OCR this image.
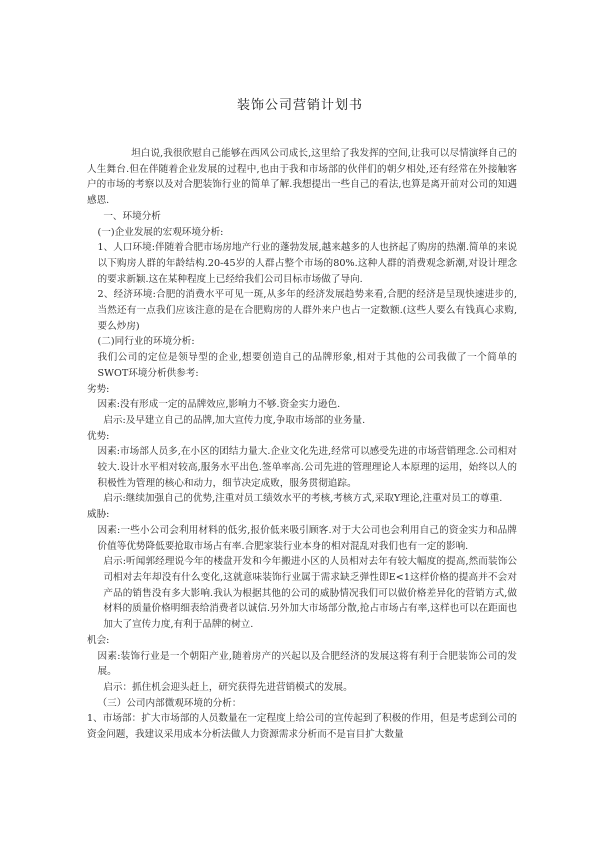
装饰公司营销计划书

坦白说,我很欣慰自己能够在西风公司成长,这里给了我发挥的空间,让我可以尽情演绎自己的人生舞台.但在伴随着企业发展的过程中,也由于我和市场部的伙伴们的朝夕相处,还有经常在外接触客户的市场的考察以及对合肥装饰行业的简单了解.我想提出一些自己的看法,也算是离开前对公司的知遇感恩.

一、环境分析

(一)企业发展的宏观环境分析:

1、人口环境:伴随着合肥市场房地产行业的蓬勃发展,越来越多的人也挤起了购房的热潮.简单的来说以下购房人群的年龄结构.20-45岁的人群占整个市场的80%.这种人群的消费观念新潮,对设计理念的要求新颖.这在某种程度上已经给我们公司目标市场做了导向.

2、经济环境:合肥的消费水平可见一斑,从多年的经济发展趋势来看,合肥的经济是呈现快速进步的,当然还有一点我们应该注意的是在合肥购房的人群外来户也占一定数额.(这些人要么有钱真心求购,要么炒房)

(二)同行业的环境分析:

我们公司的定位是领导型的企业,想要创造自己的品牌形象,相对于其他的公司我做了一个简单的SWOT环境分析供参考:

劣势:

因素:没有形成一定的品牌效应,影响力不够.资金实力逊色.

启示:及早建立自己的品牌,加大宣传力度,争取市场部的业务量.

优势:

因素:市场部人员多,在小区的团结力量大.企业文化先进,经常可以感受先进的市场营销理念.公司相对较大.设计水平相对较高,服务水平出色.签单率高.公司先进的管理理论人本原理的运用，始终以人的积极性为管理的核心和动力，细节决定成败，服务贯彻追踪。

启示:继续加强自己的优势,注重对员工绩效水平的考核,考核方式,采取Y理论,注重对员工的尊重.

威胁:

因素:一些小公司会利用材料的低劣,报价低来吸引顾客.对于大公司也会利用自己的资金实力和品牌价值等优势降低要抢取市场占有率.合肥家装行业本身的相对混乱对我们也有一定的影响.

启示:听闻郭经理说今年的楼盘开发和今年搬进小区的人员相对去年有较大幅度的提高,然而装饰公司相对去年却没有什么变化,这就意味装饰行业属于需求缺乏弹性即E<1这样价格的提高并不会对产品的销售没有多大影响.我认为根据其他的公司的威胁情况我们可以做价格差异化的营销方式,做材料的质量价格明细表给消费者以诚信.另外加大市场部分散,抢占市场占有率,这样也可以在距面也加大了宣传力度,有利于品牌的树立.

机会:

因素:装饰行业是一个朝阳产业,随着房产的兴起以及合肥经济的发展这将有利于合肥装饰公司的发展。

启示：抓住机会迎头赶上，研究获得先进营销模式的发展。

（三）公司内部微观环境的分析：

1、市场部：扩大市场部的人员数量在一定程度上给公司的宣传起到了积极的作用，但是考虑到公司的资金问题，我建议采用成本分析法做人力资源需求分析而不是盲目扩大数量
